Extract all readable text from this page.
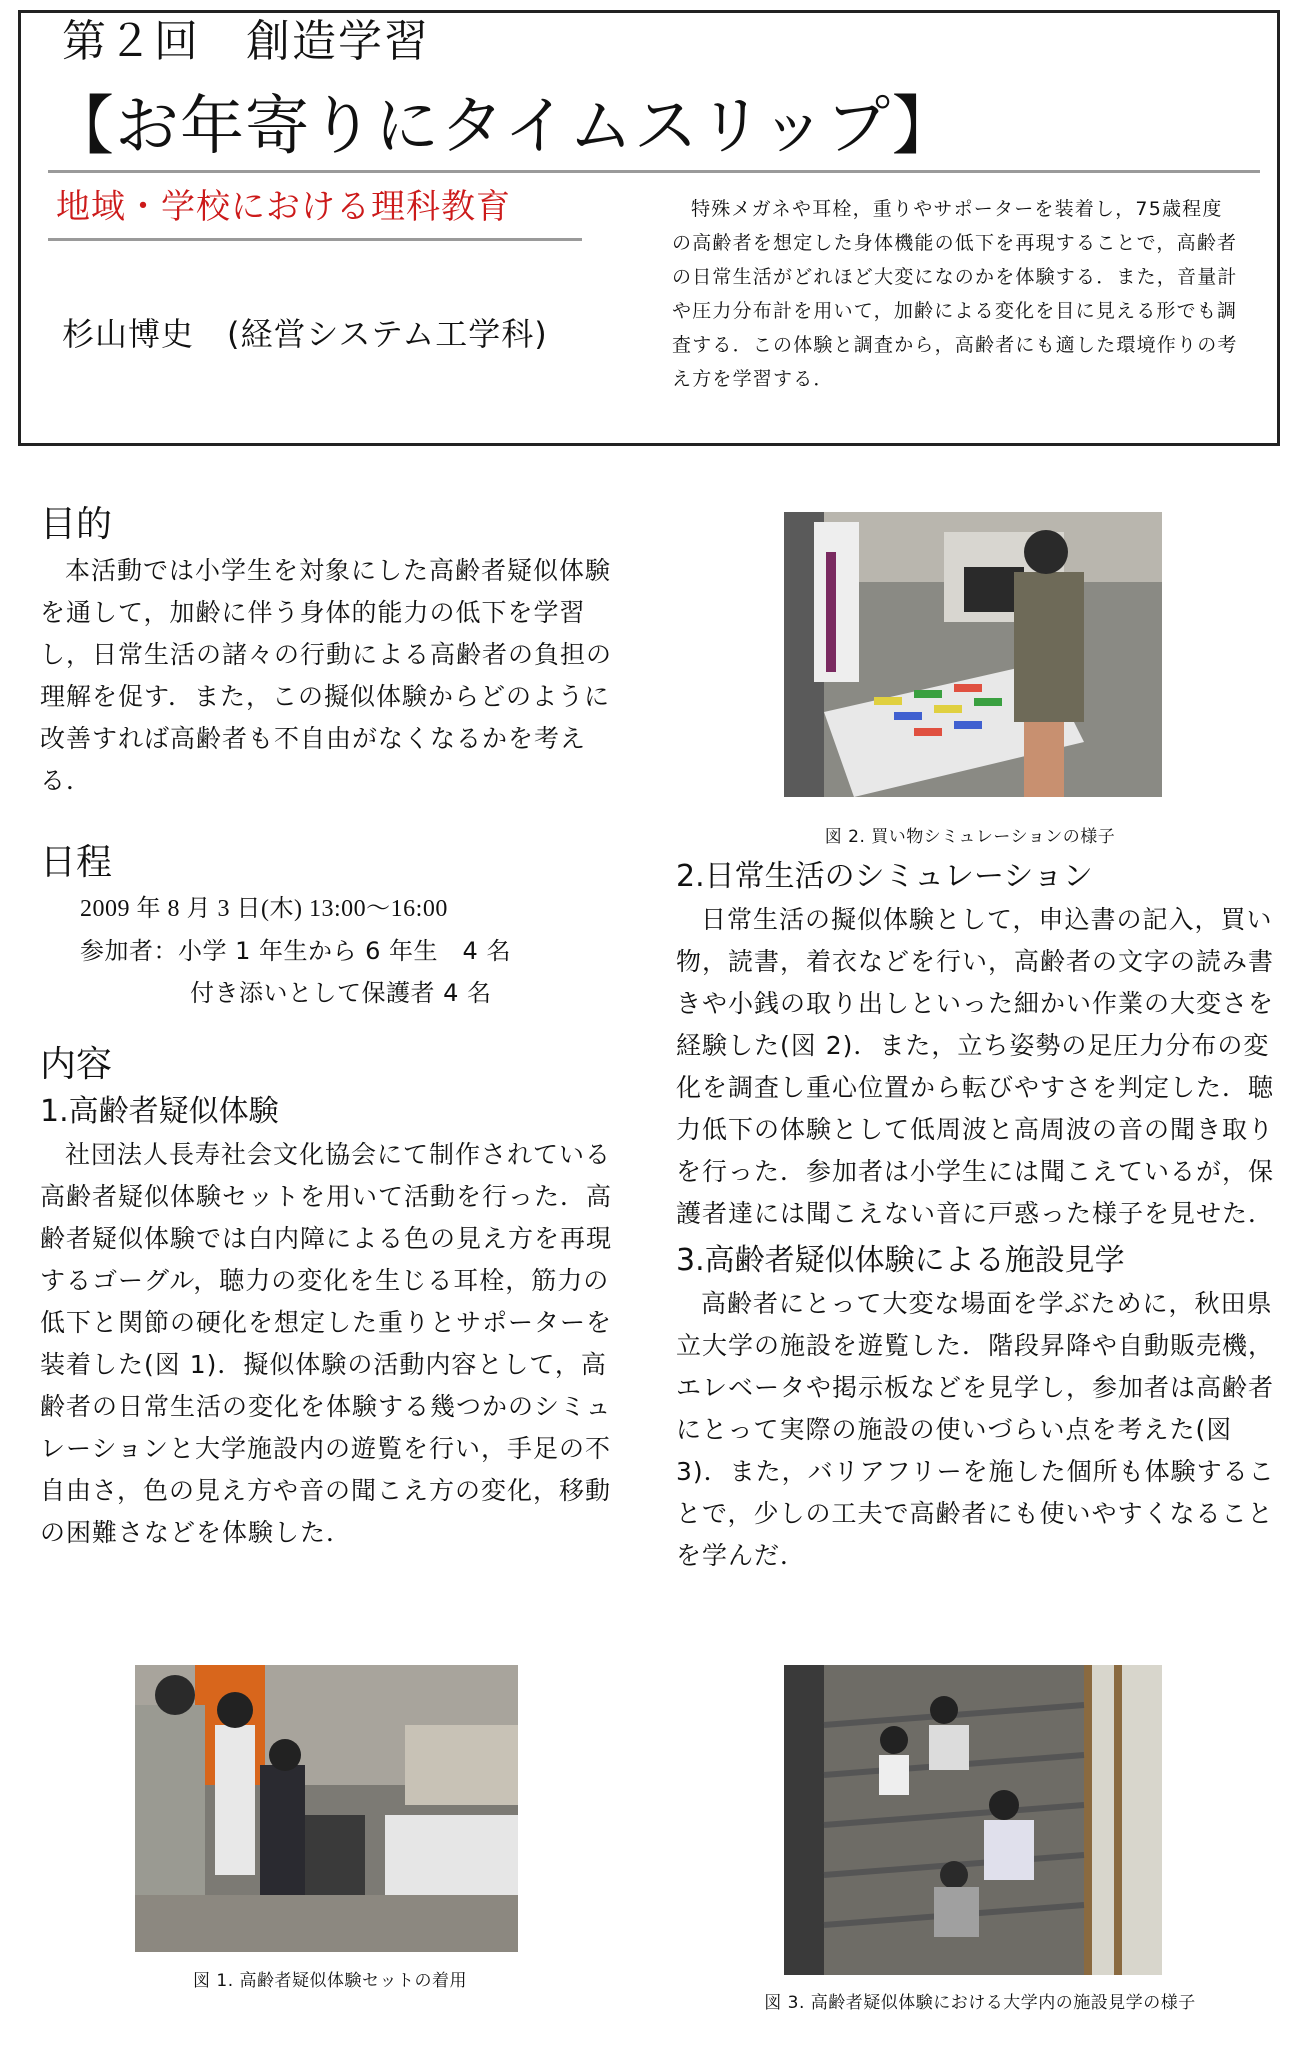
第２回　創造学習
【お年寄りにタイムスリップ】
地域・学校における理科教育
杉山博史　(経営システム工学科)
特殊メガネや耳栓，重りやサポーターを装着し，75歳程度の高齢者を想定した身体機能の低下を再現することで，高齢者の日常生活がどれほど大変になのかを体験する．また，音量計や圧力分布計を用いて，加齢による変化を目に見える形でも調査する．この体験と調査から，高齢者にも適した環境作りの考え方を学習する．
目的

本活動では小学生を対象にした高齢者疑似体験を通して，加齢に伴う身体的能力の低下を学習し，日常生活の諸々の行動による高齢者の負担の理解を促す．また，この擬似体験からどのように改善すれば高齢者も不自由がなくなるかを考える．

日程
2009 年 8 月 3 日(木) 13:00〜16:00
参加者：小学 1 年生から 6 年生　4 名
付き添いとして保護者 4 名
内容
1.高齢者疑似体験

社団法人長寿社会文化協会にて制作されている高齢者疑似体験セットを用いて活動を行った．高齢者疑似体験では白内障による色の見え方を再現するゴーグル，聴力の変化を生じる耳栓，筋力の低下と関節の硬化を想定した重りとサポーターを装着した(図 1)．擬似体験の活動内容として，高齢者の日常生活の変化を体験する幾つかのシミュレーションと大学施設内の遊覧を行い，手足の不自由さ，色の見え方や音の聞こえ方の変化，移動の困難さなどを体験した．

図 2. 買い物シミュレーションの様子
2.日常生活のシミュレーション

日常生活の擬似体験として，申込書の記入，買い物，読書，着衣などを行い，高齢者の文字の読み書きや小銭の取り出しといった細かい作業の大変さを経験した(図 2)．また，立ち姿勢の足圧力分布の変化を調査し重心位置から転びやすさを判定した．聴力低下の体験として低周波と高周波の音の聞き取りを行った．参加者は小学生には聞こえているが，保護者達には聞こえない音に戸惑った様子を見せた．

3.高齢者疑似体験による施設見学

高齢者にとって大変な場面を学ぶために，秋田県立大学の施設を遊覧した．階段昇降や自動販売機，エレベータや掲示板などを見学し，参加者は高齢者にとって実際の施設の使いづらい点を考えた(図 3)．また，バリアフリーを施した個所も体験することで，少しの工夫で高齢者にも使いやすくなることを学んだ．

図 1. 高齢者疑似体験セットの着用
図 3. 高齢者疑似体験における大学内の施設見学の様子
